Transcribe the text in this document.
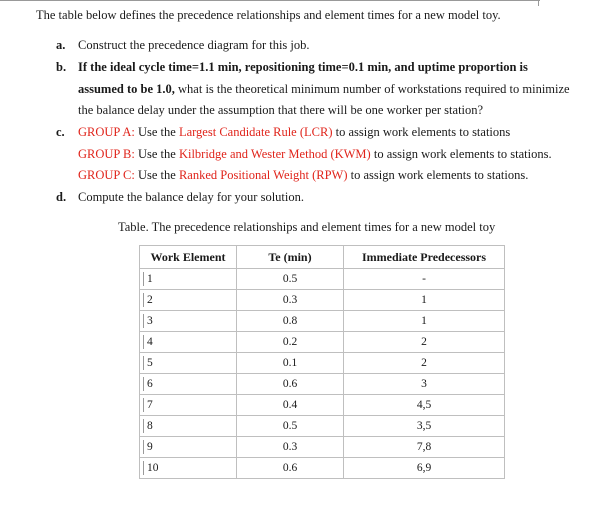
The table below defines the precedence relationships and element times for a new model toy.
a. Construct the precedence diagram for this job.
b. If the ideal cycle time=1.1 min, repositioning time=0.1 min, and uptime proportion is
assumed to be 1.0, what is the theoretical minimum number of workstations required to minimize
the balance delay under the assumption that there will be one worker per station?
c. GROUP A: Use the Largest Candidate Rule (LCR) to assign work elements to stations
GROUP B: Use the Kilbridge and Wester Method (KWM) to assign work elements to stations.
GROUP C: Use the Ranked Positional Weight (RPW) to assign work elements to stations.
d. Compute the balance delay for your solution.
Table. The precedence relationships and element times for a new model toy
Work Element	Te (min)	Immediate Predecessors
1	0.5	-
2	0.3	1
3	0.8	1
4	0.2	2
5	0.1	2
6	0.6	3
7	0.4	4,5
8	0.5	3,5
9	0.3	7,8
10	0.6	6,9
